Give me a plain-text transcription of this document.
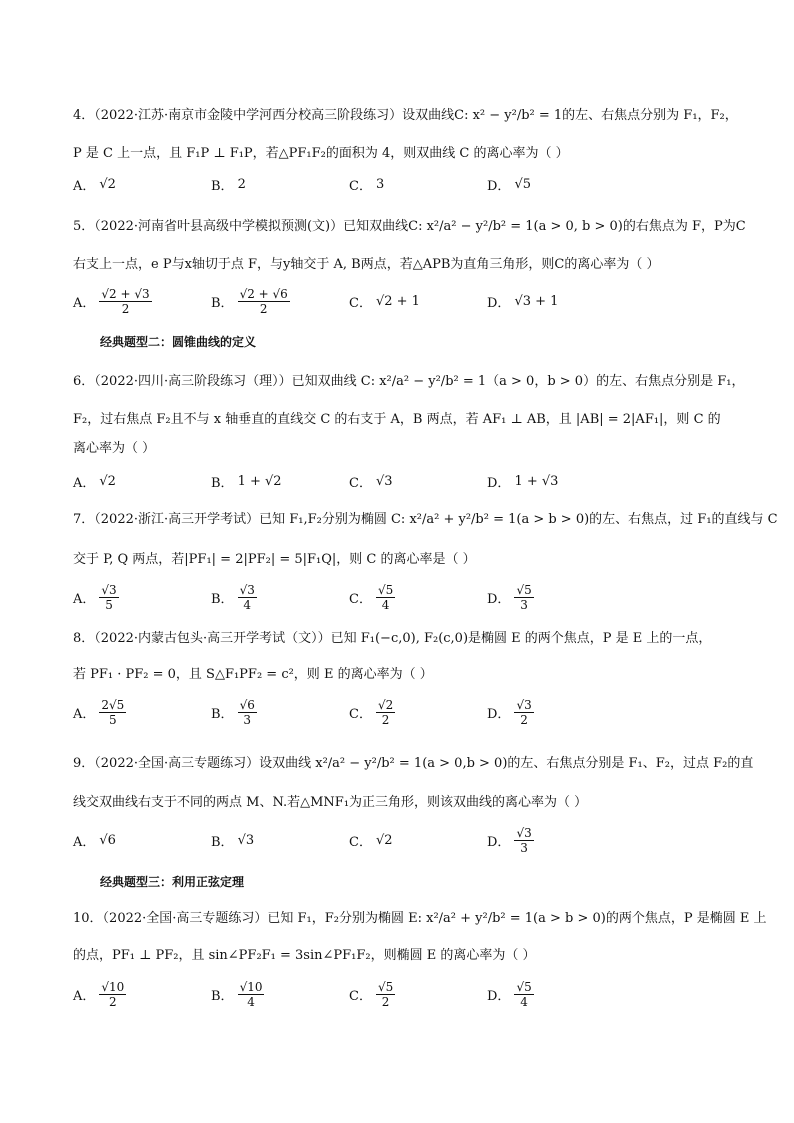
4．（2022·江苏·南京市金陵中学河西分校高三阶段练习）设双曲线C: x² − y²/b² = 1的左、右焦点分别为 F₁，F₂，
P 是 C 上一点，且 F₁P ⊥ F₁P，若△PF₁F₂的面积为 4，则双曲线 C 的离心率为（ ）
A． √2	B． 2	C． 3	D． √5
5．（2022·河南省叶县高级中学模拟预测(文)）已知双曲线C: x²/a² − y²/b² = 1(a > 0, b > 0)的右焦点为 F，P为C
右支上一点，e P与x轴切于点 F，与y轴交于 A, B两点，若△APB为直角三角形，则C的离心率为（ ）
A． $\frac{√2 + √3}{2}$	B． $\frac{√2 + √6}{2}$	C． √2 + 1	D． √3 + 1
经典题型二：圆锥曲线的定义
6．（2022·四川·高三阶段练习（理））已知双曲线 C: x²/a² − y²/b² = 1（a > 0，b > 0）的左、右焦点分别是 F₁，
F₂，过右焦点 F₂且不与 x 轴垂直的直线交 C 的右支于 A，B 两点，若 AF₁ ⊥ AB，且 |AB| = 2|AF₁|，则 C 的
离心率为（ ）
A． √2	B． 1 + √2	C． √3	D． 1 + √3
7．（2022·浙江·高三开学考试）已知 F₁,F₂分别为椭圆 C: x²/a² + y²/b² = 1(a > b > 0)的左、右焦点，过 F₁的直线与 C
交于 P, Q 两点，若|PF₁| = 2|PF₂| = 5|F₁Q|，则 C 的离心率是（ ）
A． $\frac{√3}{5}$	B． $\frac{√3}{4}$	C． $\frac{√5}{4}$	D． $\frac{√5}{3}$
8．（2022·内蒙古包头·高三开学考试（文））已知 F₁(−c,0), F₂(c,0)是椭圆 E 的两个焦点，P 是 E 上的一点，
若 PF₁ · PF₂ = 0，且 S△F₁PF₂ = c²，则 E 的离心率为（ ）
A． $\frac{2√5}{5}$	B． $\frac{√6}{3}$	C． $\frac{√2}{2}$	D． $\frac{√3}{2}$
9．（2022·全国·高三专题练习）设双曲线 x²/a² − y²/b² = 1(a > 0,b > 0)的左、右焦点分别是 F₁、F₂，过点 F₂的直
线交双曲线右支于不同的两点 M、N.若△MNF₁为正三角形，则该双曲线的离心率为（ ）
A． √6	B． √3	C． √2	D． $\frac{√3}{3}$
经典题型三：利用正弦定理
10．（2022·全国·高三专题练习）已知 F₁，F₂分别为椭圆 E: x²/a² + y²/b² = 1(a > b > 0)的两个焦点，P 是椭圆 E 上
的点，PF₁ ⊥ PF₂，且 sin∠PF₂F₁ = 3sin∠PF₁F₂，则椭圆 E 的离心率为（ ）
A． $\frac{√10}{2}$	B． $\frac{√10}{4}$	C． $\frac{√5}{2}$	D． $\frac{√5}{4}$
